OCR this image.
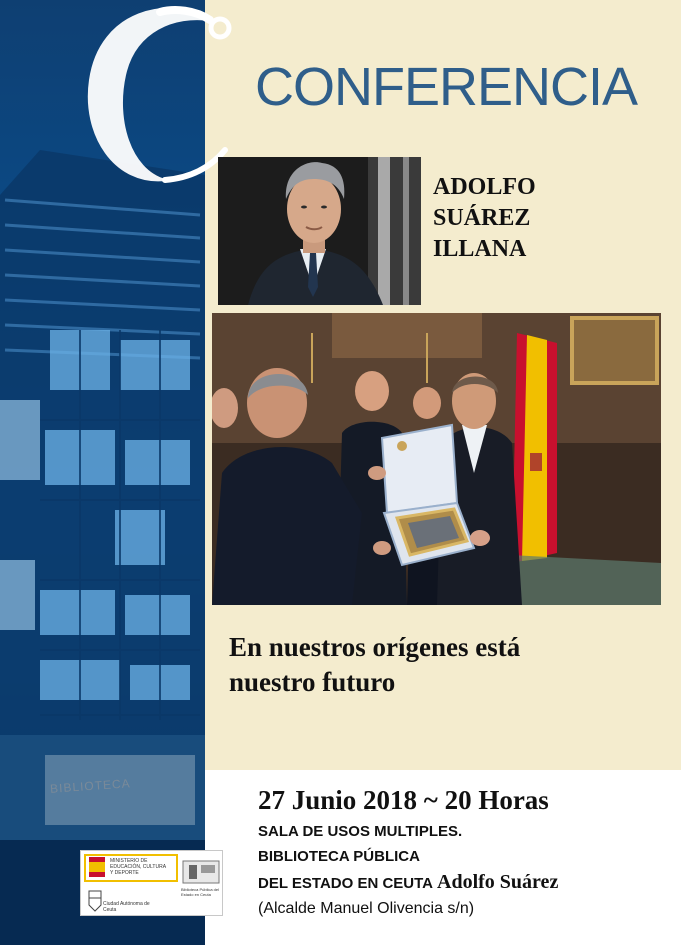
BIBLIOTECA
CONFERENCIA
ADOLFO
SUÁREZ
ILLANA
En nuestros orígenes está
nuestro futuro
27 Junio 2018 ~ 20 Horas
SALA DE USOS MULTIPLES.
BIBLIOTECA PÚBLICA
DEL ESTADO EN CEUTA Adolfo Suárez
(Alcalde Manuel Olivencia s/n)
MINISTERIO DE EDUCACIÓN, CULTURA Y DEPORTE
Ciudad Autónoma de Ceuta
Biblioteca Pública del Estado en Ceuta
